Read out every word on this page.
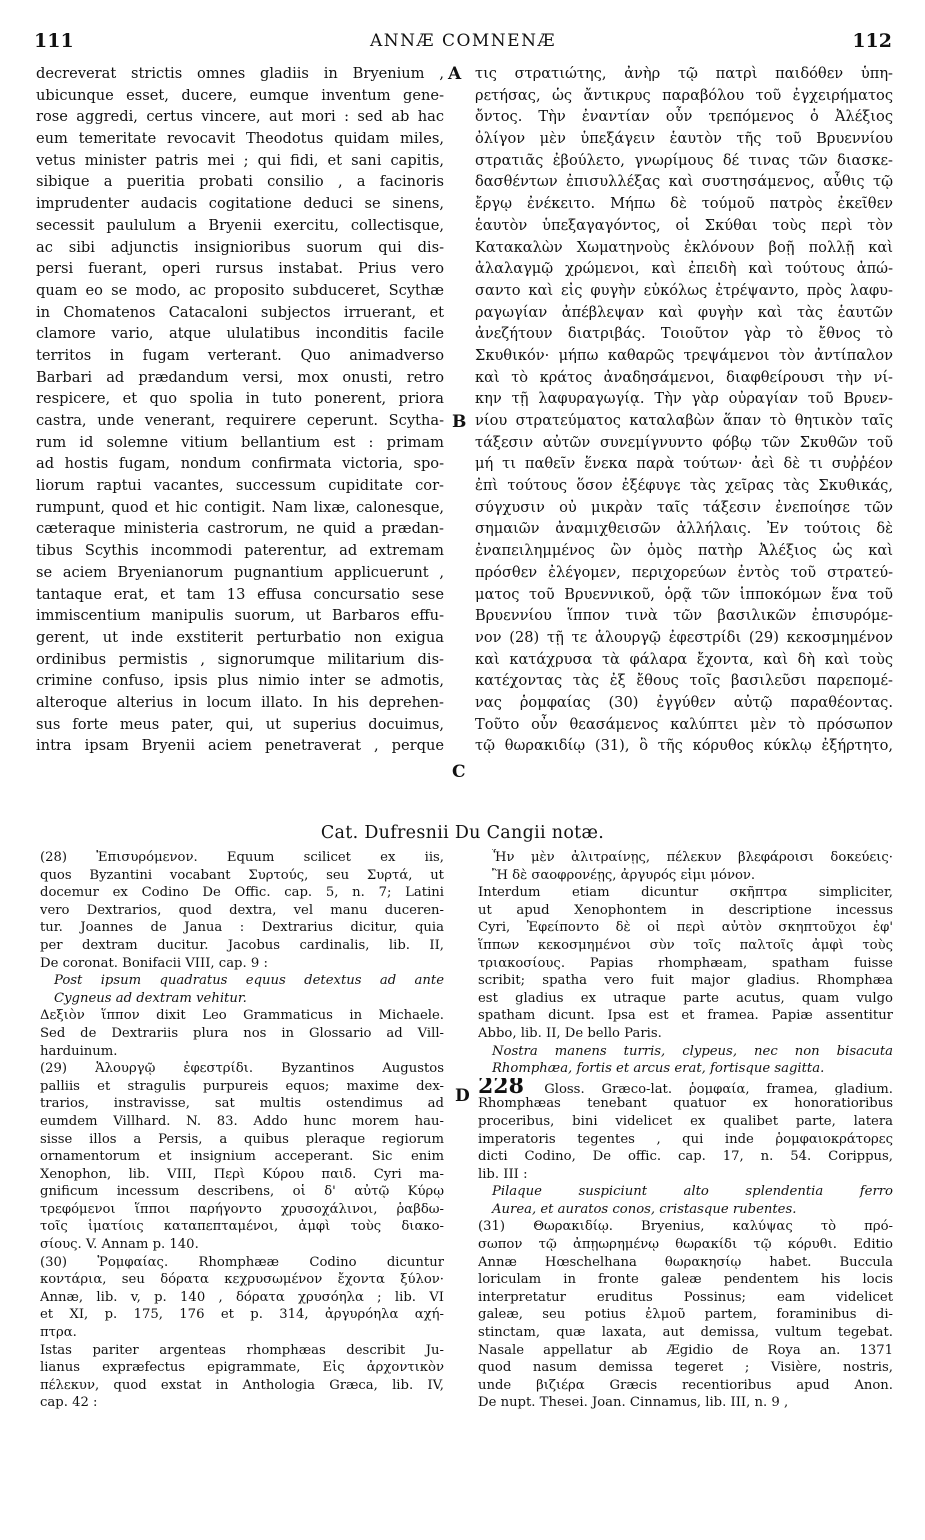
111	ANNÆ COMNENÆ	112
decreverat strictis omnes gladiis in Bryenium ,
ubicunque esset, ducere, eumque inventum gene-
rose aggredi, certus vincere, aut mori : sed ab hac
eum temeritate revocavit Theodotus quidam miles,
vetus minister patris mei ; qui fidi, et sani capitis,
sibique a pueritia probati consilio , a facinoris
imprudenter audacis cogitatione deduci se sinens,
secessit paululum a Bryenii exercitu, collectisque,
ac sibi adjunctis insignioribus suorum qui dis-
persi fuerant, operi rursus instabat. Prius vero
quam eo se modo, ac proposito subduceret, Scythæ
in Chomatenos Catacaloni subjectos irruerant, et
clamore vario, atque ululatibus inconditis facile
territos in fugam verterant. Quo animadverso
Barbari ad prædandum versi, mox onusti, retro
respicere, et quo spolia in tuto ponerent, priora
castra, unde venerant, requirere ceperunt. Scytha-
rum id solemne vitium bellantium est : primam
ad hostis fugam, nondum confirmata victoria, spo-
liorum raptui vacantes, successum cupiditate cor-
rumpunt, quod et hic contigit. Nam lixæ, calonesque,
cæteraque ministeria castrorum, ne quid a prædan-
tibus Scythis incommodi paterentur, ad extremam
se aciem Bryenianorum pugnantium applicuerunt ,
tantaque erat, et tam 13 effusa concursatio sese
immiscentium manipulis suorum, ut Barbaros effu-
gerent, ut inde exstiterit perturbatio non exigua
ordinibus permistis , signorumque militarium dis-
crimine confuso, ipsis plus nimio inter se admotis,
alteroque alterius in locum illato. In his deprehen-
sus forte meus pater, qui, ut superius docuimus,
intra ipsam Bryenii aciem penetraverat , perque
τις στρατιώτης, ἀνὴρ τῷ πατρὶ παιδόθεν ὑπη-
ρετήσας, ὡς ἄντικρυς παραβόλου τοῦ ἐγχειρήματος
ὄντος. Τὴν ἐναντίαν οὖν τρεπόμενος ὁ Ἀλέξιος
ὀλίγον μὲν ὑπεξάγειν ἑαυτὸν τῆς τοῦ Βρυεννίου
στρατιᾶς ἐβούλετο, γνωρίμους δέ τινας τῶν διασκε-
δασθέντων ἐπισυλλέξας καὶ συστησάμενος, αὖθις τῷ
ἔργῳ ἐνέκειτο. Μήπω δὲ τούμοῦ πατρὸς ἐκεῖθεν
ἑαυτὸν ὑπεξαγαγόντος, οἱ Σκύθαι τοὺς περὶ τὸν
Κατακαλὼν Χωματηνοὺς ἐκλόνουν βοῇ πολλῇ καὶ
ἀλαλαγμῷ χρώμενοι, καὶ ἐπειδὴ καὶ τούτους ἀπώ-
σαντο καὶ εἰς φυγὴν εὐκόλως ἐτρέψαντο, πρὸς λαφυ-
ραγωγίαν ἀπέβλεψαν καὶ φυγὴν καὶ τὰς ἑαυτῶν
ἀνεζήτουν διατριβάς. Τοιοῦτον γὰρ τὸ ἔθνος τὸ
Σκυθικόν· μήπω καθαρῶς τρεψάμενοι τὸν ἀντίπαλον
καὶ τὸ κράτος ἀναδησάμενοι, διαφθείρουσι τὴν νί-
κην τῇ λαφυραγωγίᾳ. Τὴν γὰρ οὐραγίαν τοῦ Βρυεν-
νίου στρατεύματος καταλαβὼν ἅπαν τὸ θητικὸν ταῖς
τάξεσιν αὐτῶν συνεμίγνυντο φόβῳ τῶν Σκυθῶν τοῦ
μή τι παθεῖν ἕνεκα παρὰ τούτων· ἀεὶ δὲ τι συῤῥέον
ἐπὶ τούτους ὅσον ἐξέφυγε τὰς χεῖρας τὰς Σκυθικάς,
σύγχυσιν οὐ μικρὰν ταῖς τάξεσιν ἐνεποίησε τῶν
σημαιῶν ἀναμιχθεισῶν ἀλλήλαις. Ἐν τούτοις δὲ
ἐναπειλημμένος ὢν ὁμὸς πατὴρ Ἀλέξιος ὡς καὶ
πρόσθεν ἐλέγομεν, περιχορεύων ἐντὸς τοῦ στρατεύ-
ματος τοῦ Βρυεννικοῦ, ὁρᾷ τῶν ἱπποκόμων ἕνα τοῦ
Βρυεννίου ἵππον τινὰ τῶν βασιλικῶν ἐπισυρόμε-
νον (28) τῇ τε ἁλουργῷ ἐφεστρίδι (29) κεκοσμημένον
καὶ κατάχρυσα τὰ φάλαρα ἔχοντα, καὶ δὴ καὶ τοὺς
κατέχοντας τὰς ἐξ ἔθους τοῖς βασιλεῦσι παρεπομέ-
νας ῥομφαίας (30) ἐγγύθεν αὐτῷ παραθέοντας.
Τοῦτο οὖν θεασάμενος καλύπτει μὲν τὸ πρόσωπον
τῷ θωρακιδίῳ (31), ὃ τῆς κόρυθος κύκλῳ ἐξήρτητο,
A
B
C
Cat. Dufresnii Du Cangii notæ.
(28) Ἐπισυρόμενον. Equum scilicet ex iis,
quos Byzantini vocabant Συρτούς, seu Συρτά, ut
docemur ex Codino De Offic. cap. 5, n. 7; Latini
vero Dextrarios, quod dextra, vel manu duceren-
tur. Joannes de Janua : Dextrarius dicitur, quia
per dextram ducitur. Jacobus cardinalis, lib. II,
De coronat. Bonifacii VIII, cap. 9 :
Post ipsum quadratus equus detextus ad ante
Cygneus ad dextram vehitur.
Δεξιὸν ἵππον dixit Leo Grammaticus in Michaele.
Sed de Dextrariis plura nos in Glossario ad Vill-
harduinum.
(29) Ἁλουργῷ ἐφεστρίδι. Byzantinos Augustos
palliis et stragulis purpureis equos; maxime dex-
trarios, instravisse, sat multis ostendimus ad
eumdem Villhard. N. 83. Addo hunc morem hau-
sisse illos a Persis, a quibus pleraque regiorum
ornamentorum et insignium acceperant. Sic enim
Xenophon, lib. VIII, Περὶ Κύρου παιδ. Cyri ma-
gnificum incessum describens, οἱ δ' αὐτῷ Κύρῳ
τρεφόμενοι ἵπποι παρήγοντο χρυσοχάλινοι, ῥαβδω-
τοῖς ἱματίοις καταπεπταμένοι, ἀμφὶ τοὺς διακο-
σίους. V. Annam p. 140.
(30) Ῥομφαίας. Rhomphææ Codino dicuntur
κοντάρια, seu δόρατα κεχρυσωμένον ἔχοντα ξύλον·
Annæ, lib. v, p. 140 , δόρατα χρυσόηλα ; lib. VI
et XI, p. 175, 176 et p. 314, ἀργυρόηλα αχή-
πτρα.
Istas pariter argenteas rhomphæas describit Ju-
lianus expræfectus epigrammate, Εἰς ἀρχοντικὸν
πέλεκυν, quod exstat in Anthologia Græca, lib. IV,
cap. 42 :
Ἦν μὲν ἀλιτραίνῃς, πέλεκυν βλεφάροισι δοκεύεις·
Ἢ δὲ σαοφρονέῃς, ἀργυρός εἰμι μόνον.
Interdum etiam dicuntur σκῆπτρα simpliciter,
ut apud Xenophontem in descriptione incessus
Cyri, Ἐφείποντο δὲ οἱ περὶ αὐτὸν σκηπτοῦχοι ἐφ'
ἵππων κεκοσμημένοι σὺν τοῖς παλτοῖς ἀμφὶ τοὺς
τριακοσίους. Papias rhomphæam, spatham fuisse
scribit; spatha vero fuit major gladius. Rhomphæa
est gladius ex utraque parte acutus, quam vulgo
spatham dicunt. Ipsa est et framea. Papiæ assentitur
Abbo, lib. II, De bello Paris.
Nostra manens turris, clypeus, nec non bisacuta
Rhomphæa, fortis et arcus erat, fortisque sagitta.
228 Gloss. Græco-lat. ῥομφαία, framea, gladium.
Rhomphæas tenebant quatuor ex honoratioribus
proceribus, bini videlicet ex qualibet parte, latera
imperatoris tegentes , qui inde ῥομφαιοκράτορες
dicti Codino, De offic. cap. 17, n. 54. Corippus,
lib. III :
Pilaque suspiciunt alto splendentia ferro
Aurea, et auratos conos, cristasque rubentes.
(31) Θωρακιδίῳ. Bryenius, καλύψας τὸ πρό-
σωπον τῷ ἀπῃωρημένῳ θωρακίδι τῷ κόρυθι. Editio
Annæ Hœschelhana θωρακησίῳ habet. Buccula
loriculam in fronte galeæ pendentem his locis
interpretatur eruditus Possinus; eam videlicet
galeæ, seu potius ἐλμοῦ partem, foraminibus di-
stinctam, quæ laxata, aut demissa, vultum tegebat.
Nasale appellatur ab Ægidio de Roya an. 1371
quod nasum demissa tegeret ; Visière, nostris,
unde βιζιέρα Græcis recentioribus apud Anon.
De nupt. Thesei. Joan. Cinnamus, lib. III, n. 9 ,
D
